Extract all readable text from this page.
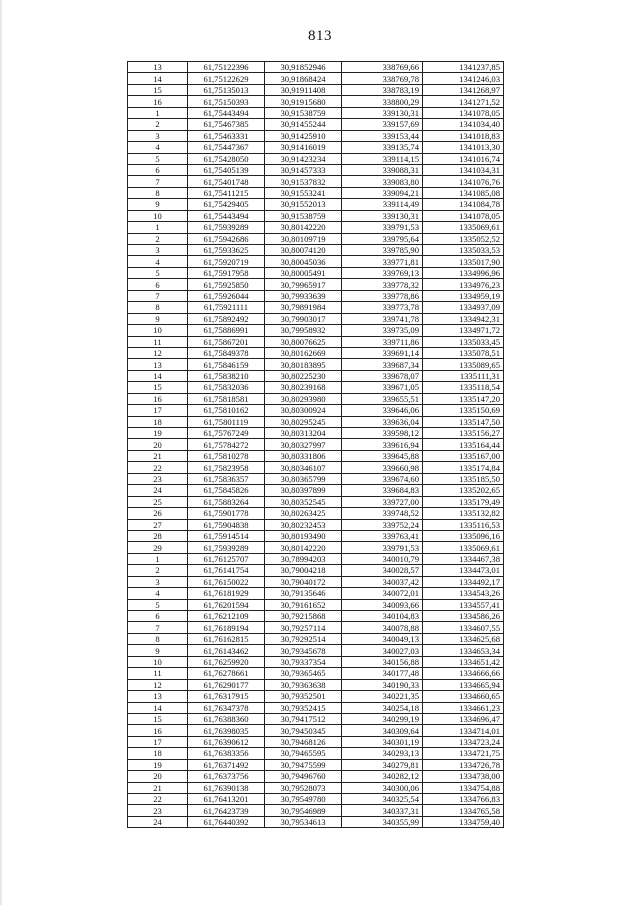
813
13	61,75122396	30,91852946	338769,66	1341237,85
14	61,75122629	30,91868424	338769,78	1341246,03
15	61,75135013	30,91911408	338783,19	1341268,97
16	61,75150393	30,91915680	338800,29	1341271,52
1	61,75443494	30,91538759	339130,31	1341078,05
2	61,75467385	30,91455244	339157,69	1341034,40
3	61,75463331	30,91425910	339153,44	1341018,83
4	61,75447367	30,91416019	339135,74	1341013,30
5	61,75428050	30,91423234	339114,15	1341016,74
6	61,75405139	30,91457333	339088,31	1341034,31
7	61,75401748	30,91537832	339083,80	1341076,76
8	61,75411215	30,91553241	339094,21	1341085,08
9	61,75429405	30,91552013	339114,49	1341084,78
10	61,75443494	30,91538759	339130,31	1341078,05
1	61,75939289	30,80142220	339791,53	1335069,61
2	61,75942686	30,80109719	339795,64	1335052,52
3	61,75933625	30,80074120	339785,90	1335033,53
4	61,75920719	30,80045036	339771,81	1335017,90
5	61,75917958	30,80005491	339769,13	1334996,96
6	61,75925850	30,79965917	339778,32	1334976,23
7	61,75926044	30,79933639	339778,86	1334959,19
8	61,75921111	30,79891984	339773,78	1334937,09
9	61,75892492	30,79903017	339741,78	1334942,31
10	61,75886991	30,79958932	339735,09	1334971,72
11	61,75867201	30,80076625	339711,86	1335033,45
12	61,75849378	30,80162669	339691,14	1335078,51
13	61,75846159	30,80183895	339687,34	1335089,65
14	61,75838210	30,80225230	339678,07	1335111,31
15	61,75832036	30,80239168	339671,05	1335118,54
16	61,75818581	30,80293980	339655,51	1335147,20
17	61,75810162	30,80300924	339646,06	1335150,69
18	61,75801119	30,80295245	339636,04	1335147,50
19	61,75767249	30,80313204	339598,12	1335156,27
20	61,75784272	30,80327997	339616,94	1335164,44
21	61,75810278	30,80331806	339645,88	1335167,00
22	61,75823958	30,80346107	339660,98	1335174,84
23	61,75836357	30,80365799	339674,60	1335185,50
24	61,75845826	30,80397899	339684,83	1335202,65
25	61,75883264	30,80352545	339727,00	1335179,49
26	61,75901778	30,80263425	339748,52	1335132,82
27	61,75904838	30,80232453	339752,24	1335116,53
28	61,75914514	30,80193490	339763,41	1335096,16
29	61,75939289	30,80142220	339791,53	1335069,61
1	61,76125707	30,78994203	340010,79	1334467,38
2	61,76141754	30,79004218	340028,57	1334473,01
3	61,76150022	30,79040172	340037,42	1334492,17
4	61,76181929	30,79135646	340072,01	1334543,26
5	61,76201594	30,79161652	340093,66	1334557,41
6	61,76212109	30,79215868	340104,83	1334586,26
7	61,76189194	30,79257114	340078,88	1334607,55
8	61,76162815	30,79292514	340049,13	1334625,68
9	61,76143462	30,79345678	340027,03	1334653,34
10	61,76259920	30,79337354	340156,88	1334651,42
11	61,76278661	30,79365465	340177,48	1334666,66
12	61,76290177	30,79363638	340190,33	1334665,94
13	61,76317915	30,79352501	340221,35	1334660,65
14	61,76347378	30,79352415	340254,18	1334661,23
15	61,76388360	30,79417512	340299,19	1334696,47
16	61,76398035	30,79450345	340309,64	1334714,01
17	61,76390612	30,79468126	340301,19	1334723,24
18	61,76383356	30,79465595	340293,13	1334721,75
19	61,76371492	30,79475599	340279,81	1334726,78
20	61,76373756	30,79496760	340282,12	1334738,00
21	61,76390138	30,79528073	340300,06	1334754,88
22	61,76413201	30,79549780	340325,54	1334766,83
23	61,76423739	30,79546989	340337,31	1334765,58
24	61,76440392	30,79534613	340355,99	1334759,40
